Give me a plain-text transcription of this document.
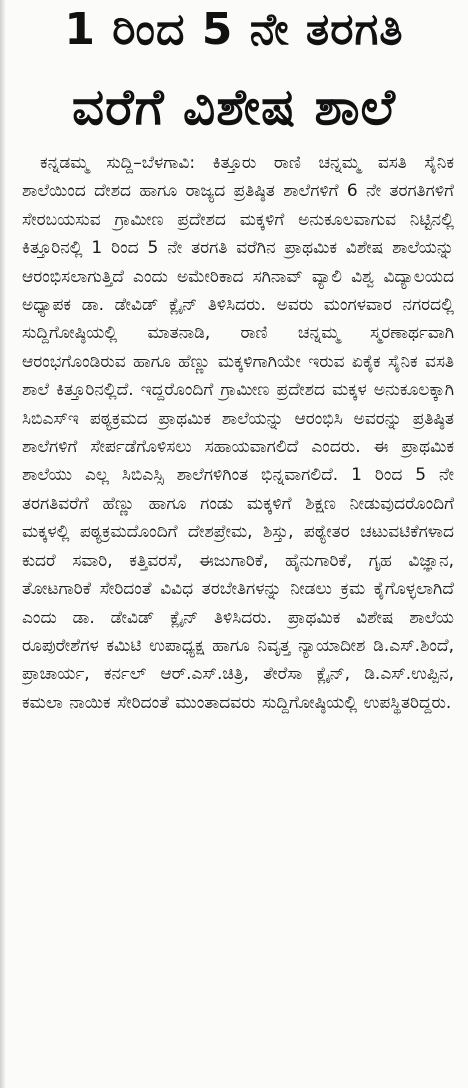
1 ರಿಂದ 5 ನೇ ತರಗತಿ
ವರೆಗೆ ವಿಶೇಷ ಶಾಲೆ

ಕನ್ನಡಮ್ಮ ಸುದ್ದಿ–ಬೆಳಗಾವಿ: ಕಿತ್ತೂರು ರಾಣಿ ಚನ್ನಮ್ಮ ವಸತಿ ಸೈನಿಕ ಶಾಲೆಯಿಂದ ದೇಶದ ಹಾಗೂ ರಾಜ್ಯದ ಪ್ರತಿಷ್ಠಿತ ಶಾಲೆಗಳಿಗೆ 6 ನೇ ತರಗತಿಗಳಿಗೆ ಸೇರಬಯಸುವ ಗ್ರಾಮೀಣ ಪ್ರದೇಶದ ಮಕ್ಕಳಿಗೆ ಅನುಕೂಲವಾಗುವ ನಿಟ್ಟಿನಲ್ಲಿ ಕಿತ್ತೂರಿನಲ್ಲಿ 1 ರಿಂದ 5 ನೇ ತರಗತಿ ವರೆಗಿನ ಪ್ರಾಥಮಿಕ ವಿಶೇಷ ಶಾಲೆಯನ್ನು ಆರಂಭಿಸಲಾಗುತ್ತಿದೆ ಎಂದು ಅಮೇರಿಕಾದ ಸಗಿನಾವ್ ವ್ಯಾಲಿ ವಿಶ್ವ ವಿದ್ಯಾಲಯದ ಅಧ್ಯಾಪಕ ಡಾ. ಡೇವಿಡ್ ಕ್ಲೈನ್ ತಿಳಿಸಿದರು. ಅವರು ಮಂಗಳವಾರ ನಗರದಲ್ಲಿ ಸುದ್ದಿಗೋಷ್ಠಿಯಲ್ಲಿ ಮಾತನಾಡಿ, ರಾಣಿ ಚನ್ನಮ್ಮ ಸ್ಮರಣಾರ್ಥವಾಗಿ ಆರಂಭಗೊಂಡಿರುವ ಹಾಗೂ ಹೆಣ್ಣು ಮಕ್ಕಳಿಗಾಗಿಯೇ ಇರುವ ಏಕೈಕ ಸೈನಿಕ ವಸತಿ ಶಾಲೆ ಕಿತ್ತೂರಿನಲ್ಲಿದೆ. ಇದ್ದರೊಂದಿಗೆ ಗ್ರಾಮೀಣ ಪ್ರದೇಶದ ಮಕ್ಕಳ ಅನುಕೂಲಕ್ಕಾಗಿ ಸಿಬಿಎಸ್ಇ ಪಠ್ಯಕ್ರಮದ ಪ್ರಾಥಮಿಕ ಶಾಲೆಯನ್ನು ಆರಂಭಿಸಿ ಅವರನ್ನು ಪ್ರತಿಷ್ಠಿತ ಶಾಲೆಗಳಿಗೆ ಸೇರ್ಪಡೆಗೊಳಿಸಲು ಸಹಾಯವಾಗಲಿದೆ ಎಂದರು. ಈ ಪ್ರಾಥಮಿಕ ಶಾಲೆಯು ಎಲ್ಲ ಸಿಬಿಎಸ್ಸಿ ಶಾಲೆಗಳಿಗಿಂತ ಭಿನ್ನವಾಗಲಿದೆ. 1 ರಿಂದ 5 ನೇ ತರಗತಿವರೆಗೆ ಹೆಣ್ಣು ಹಾಗೂ ಗಂಡು ಮಕ್ಕಳಿಗೆ ಶಿಕ್ಷಣ ನೀಡುವುದರೊಂದಿಗೆ ಮಕ್ಕಳಲ್ಲಿ ಪಠ್ಯಕ್ರಮದೊಂದಿಗೆ ದೇಶಪ್ರೇಮ, ಶಿಸ್ತು, ಪಠ್ಯೇತರ ಚಟುವಟಿಕೆಗಳಾದ ಕುದರೆ ಸವಾರಿ, ಕತ್ತಿವರಸೆ, ಈಜುಗಾರಿಕೆ, ಹೈನುಗಾರಿಕೆ, ಗೃಹ ವಿಜ್ಞಾನ, ತೋಟಗಾರಿಕೆ ಸೇರಿದಂತೆ ವಿವಿಧ ತರಬೇತಿಗಳನ್ನು ನೀಡಲು ಕ್ರಮ ಕೈಗೊಳ್ಳಲಾಗಿದೆ ಎಂದು ಡಾ. ಡೇವಿಡ್ ಕ್ಲೈನ್ ತಿಳಿಸಿದರು. ಪ್ರಾಥಮಿಕ ವಿಶೇಷ ಶಾಲೆಯ ರೂಪುರೇಶೆಗಳ ಕಮಿಟಿ ಉಪಾಧ್ಯಕ್ಷ ಹಾಗೂ ನಿವೃತ್ತ ನ್ಯಾಯಾದೀಶ ಡಿ.ಎಸ್.ಶಿಂದೆ, ಪ್ರಾಚಾರ್ಯ, ಕರ್ನಲ್ ಆರ್.ಎಸ್.ಚಿತ್ರಿ, ತೇರೆಸಾ ಕ್ಲೈನ್, ಡಿ.ಎಸ್.ಉಪ್ಪಿನ, ಕಮಲಾ ನಾಯಿಕ ಸೇರಿದಂತೆ ಮುಂತಾದವರು ಸುದ್ದಿಗೋಷ್ಠಿಯಲ್ಲಿ ಉಪಸ್ಥಿತರಿದ್ದರು.
